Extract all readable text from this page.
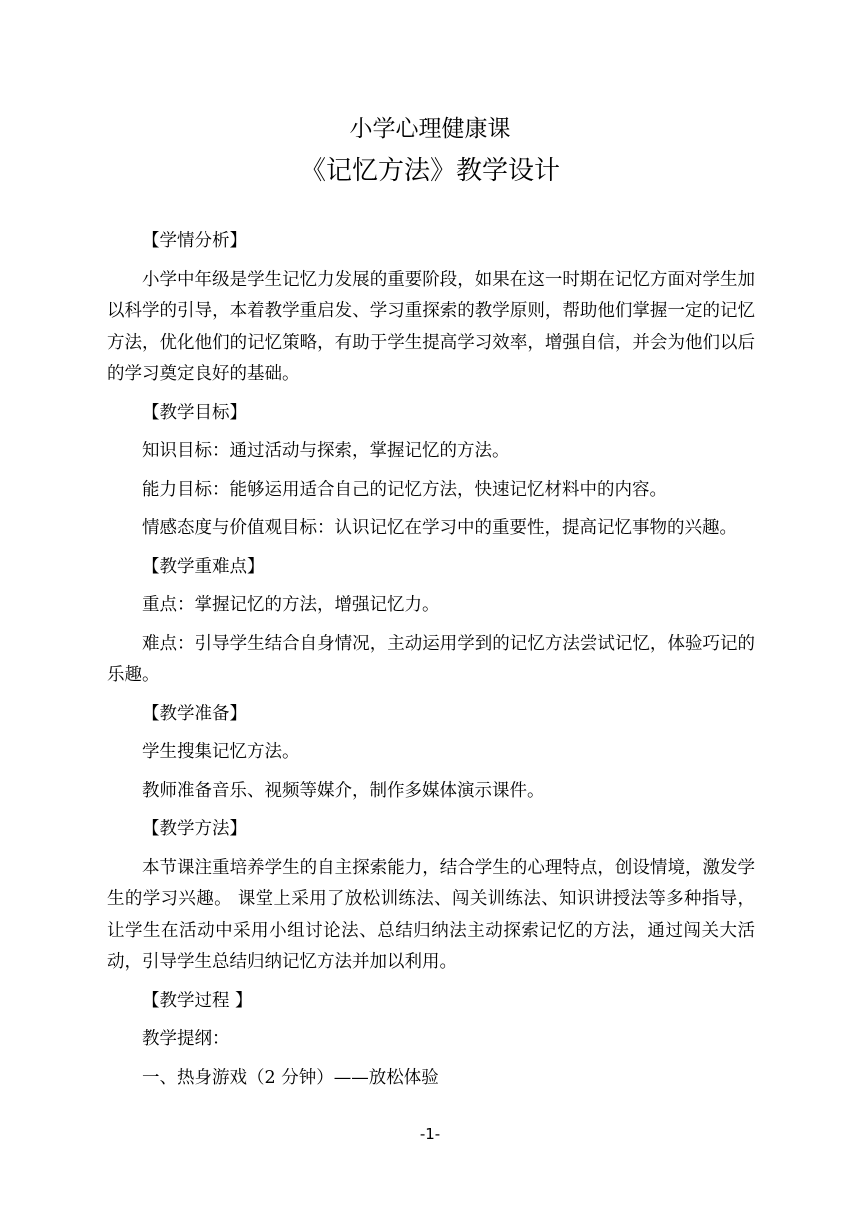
小学心理健康课
《记忆方法》教学设计
【学情分析】
小学中年级是学生记忆力发展的重要阶段，如果在这一时期在记忆方面对学生加以科学的引导，本着教学重启发、学习重探索的教学原则，帮助他们掌握一定的记忆方法，优化他们的记忆策略，有助于学生提高学习效率，增强自信，并会为他们以后的学习奠定良好的基础。
【教学目标】
知识目标：通过活动与探索，掌握记忆的方法。
能力目标：能够运用适合自己的记忆方法，快速记忆材料中的内容。
情感态度与价值观目标：认识记忆在学习中的重要性，提高记忆事物的兴趣。
【教学重难点】
重点：掌握记忆的方法，增强记忆力。
难点：引导学生结合自身情况，主动运用学到的记忆方法尝试记忆，体验巧记的乐趣。
【教学准备】
学生搜集记忆方法。
教师准备音乐、视频等媒介，制作多媒体演示课件。
【教学方法】
本节课注重培养学生的自主探索能力，结合学生的心理特点，创设情境，激发学生的学习兴趣。 课堂上采用了放松训练法、闯关训练法、知识讲授法等多种指导，让学生在活动中采用小组讨论法、总结归纳法主动探索记忆的方法，通过闯关大活动，引导学生总结归纳记忆方法并加以利用。
【教学过程 】
教学提纲：
一、热身游戏（2 分钟）——放松体验
-1-
